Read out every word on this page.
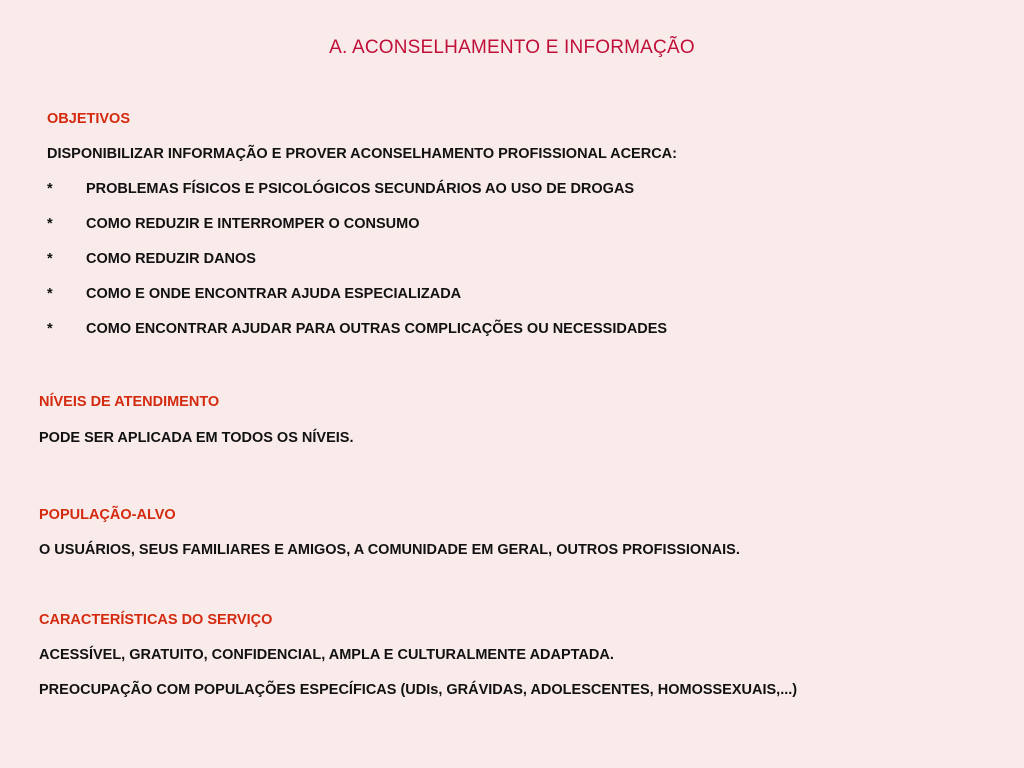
A. ACONSELHAMENTO E INFORMAÇÃO
OBJETIVOS
DISPONIBILIZAR INFORMAÇÃO E PROVER ACONSELHAMENTO PROFISSIONAL ACERCA:
* PROBLEMAS FÍSICOS E PSICOLÓGICOS SECUNDÁRIOS AO USO DE DROGAS
* COMO REDUZIR E INTERROMPER O CONSUMO
* COMO REDUZIR DANOS
* COMO E ONDE ENCONTRAR AJUDA ESPECIALIZADA
* COMO ENCONTRAR AJUDAR PARA OUTRAS COMPLICAÇÕES OU NECESSIDADES
NÍVEIS DE ATENDIMENTO
PODE SER APLICADA EM TODOS OS NÍVEIS.
POPULAÇÃO-ALVO
O USUÁRIOS, SEUS FAMILIARES E AMIGOS, A COMUNIDADE EM GERAL, OUTROS PROFISSIONAIS.
CARACTERÍSTICAS DO SERVIÇO
ACESSÍVEL, GRATUITO, CONFIDENCIAL, AMPLA E CULTURALMENTE ADAPTADA.
PREOCUPAÇÃO COM POPULAÇÕES ESPECÍFICAS (UDIs, GRÁVIDAS, ADOLESCENTES, HOMOSSEXUAIS,...)
